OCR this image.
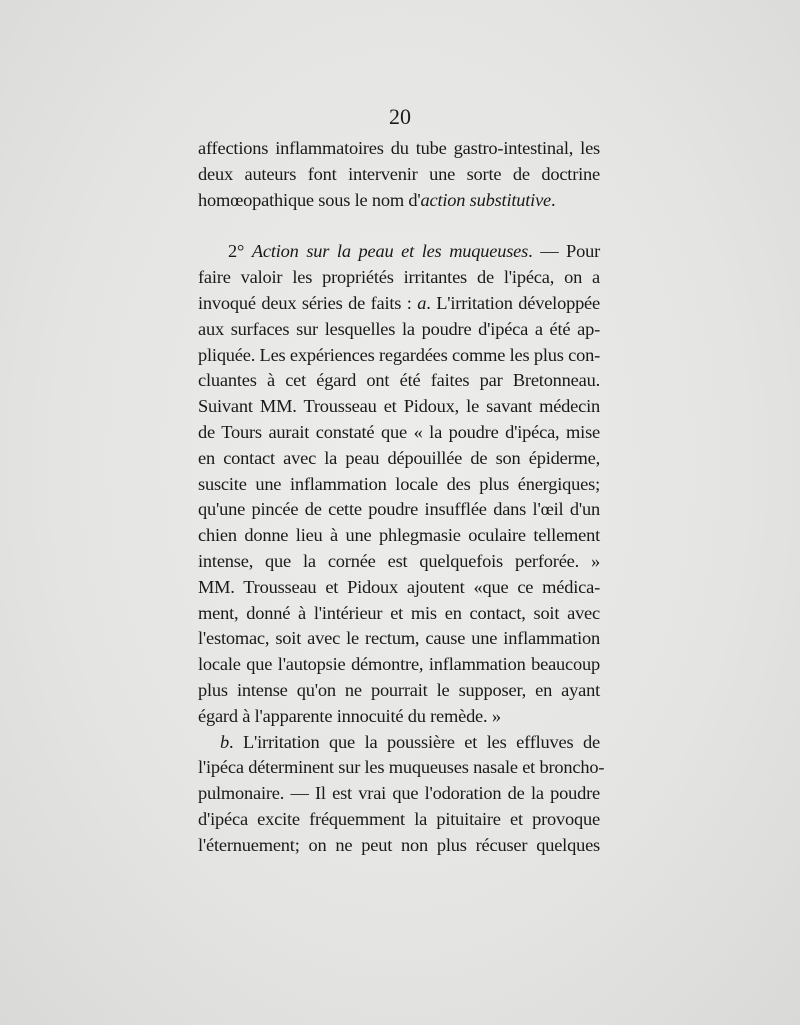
20
affections inflammatoires du tube gastro-intestinal, les
deux auteurs font intervenir une sorte de doctrine
homœopathique sous le nom d'action substitutive.
2° Action sur la peau et les muqueuses. — Pour
faire valoir les propriétés irritantes de l'ipéca, on a
invoqué deux séries de faits : a. L'irritation développée
aux surfaces sur lesquelles la poudre d'ipéca a été ap-
pliquée. Les expériences regardées comme les plus con-
cluantes à cet égard ont été faites par Bretonneau.
Suivant MM. Trousseau et Pidoux, le savant médecin
de Tours aurait constaté que « la poudre d'ipéca, mise
en contact avec la peau dépouillée de son épiderme,
suscite une inflammation locale des plus énergiques;
qu'une pincée de cette poudre insufflée dans l'œil d'un
chien donne lieu à une phlegmasie oculaire tellement
intense, que la cornée est quelquefois perforée. »
MM. Trousseau et Pidoux ajoutent «que ce médica-
ment, donné à l'intérieur et mis en contact, soit avec
l'estomac, soit avec le rectum, cause une inflammation
locale que l'autopsie démontre, inflammation beaucoup
plus intense qu'on ne pourrait le supposer, en ayant
égard à l'apparente innocuité du remède. »
b. L'irritation que la poussière et les effluves de
l'ipéca déterminent sur les muqueuses nasale et broncho-
pulmonaire. — Il est vrai que l'odoration de la poudre
d'ipéca excite fréquemment la pituitaire et provoque
l'éternuement; on ne peut non plus récuser quelques
